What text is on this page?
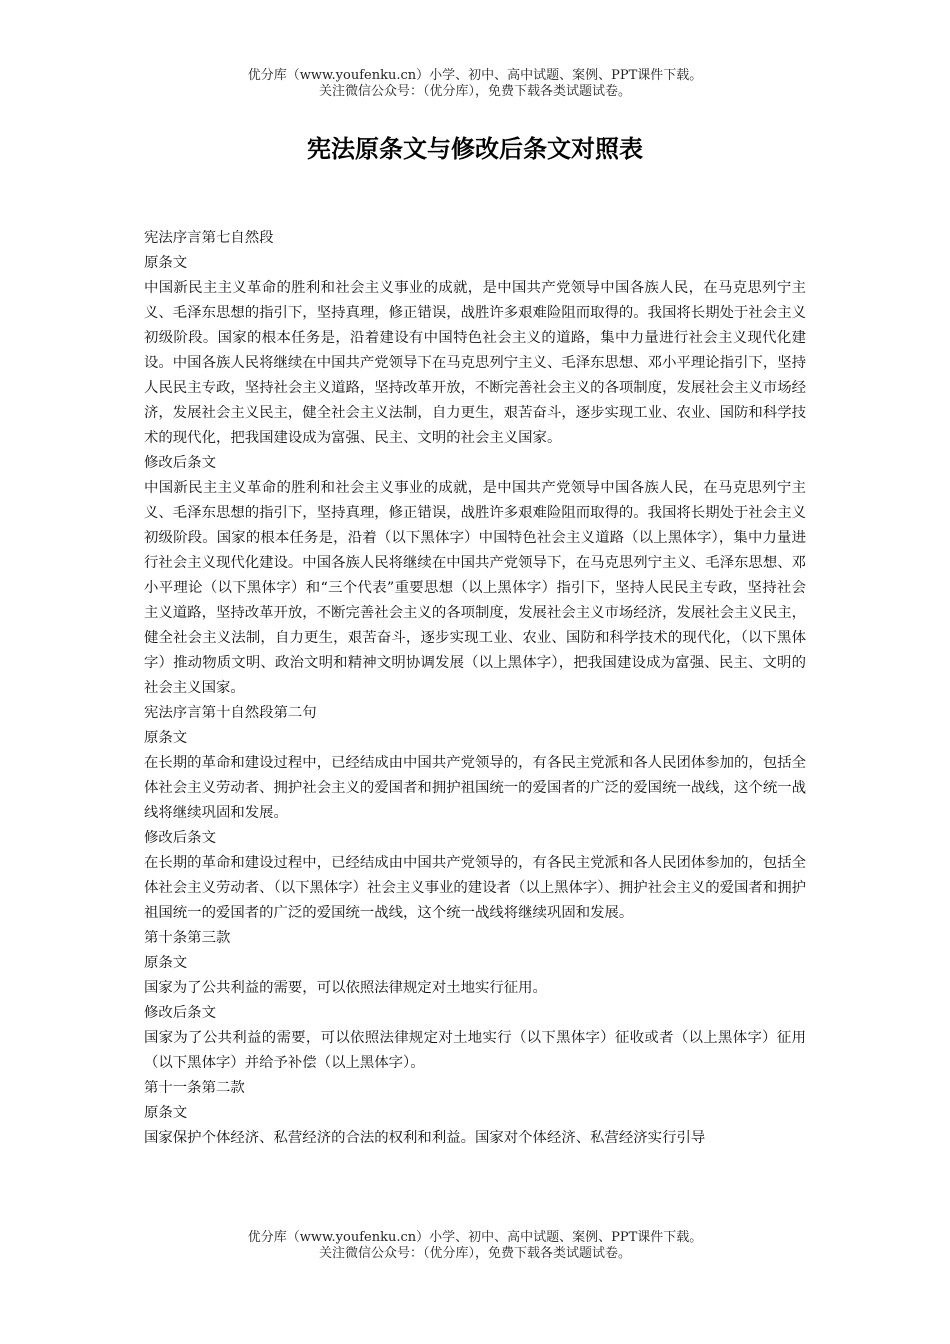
优分库（www.youfenku.cn）小学、初中、高中试题、案例、PPT课件下载。
关注微信公众号：（优分库），免费下载各类试题试卷。
宪法原条文与修改后条文对照表

宪法序言第七自然段

原条文

中国新民主主义革命的胜利和社会主义事业的成就，是中国共产党领导中国各族人民，在马克思列宁主义、毛泽东思想的指引下，坚持真理，修正错误，战胜许多艰难险阻而取得的。我国将长期处于社会主义初级阶段。国家的根本任务是，沿着建设有中国特色社会主义的道路，集中力量进行社会主义现代化建设。中国各族人民将继续在中国共产党领导下在马克思列宁主义、毛泽东思想、邓小平理论指引下，坚持人民民主专政，坚持社会主义道路，坚持改革开放，不断完善社会主义的各项制度，发展社会主义市场经济，发展社会主义民主，健全社会主义法制，自力更生，艰苦奋斗，逐步实现工业、农业、国防和科学技术的现代化，把我国建设成为富强、民主、文明的社会主义国家。

修改后条文

中国新民主主义革命的胜利和社会主义事业的成就，是中国共产党领导中国各族人民，在马克思列宁主义、毛泽东思想的指引下，坚持真理，修正错误，战胜许多艰难险阻而取得的。我国将长期处于社会主义初级阶段。国家的根本任务是，沿着（以下黑体字）中国特色社会主义道路（以上黑体字），集中力量进行社会主义现代化建设。中国各族人民将继续在中国共产党领导下，在马克思列宁主义、毛泽东思想、邓小平理论（以下黑体字）和“三个代表”重要思想（以上黑体字）指引下，坚持人民民主专政，坚持社会主义道路，坚持改革开放，不断完善社会主义的各项制度，发展社会主义市场经济，发展社会主义民主，健全社会主义法制，自力更生，艰苦奋斗，逐步实现工业、农业、国防和科学技术的现代化，（以下黑体字）推动物质文明、政治文明和精神文明协调发展（以上黑体字），把我国建设成为富强、民主、文明的社会主义国家。

宪法序言第十自然段第二句

原条文

在长期的革命和建设过程中，已经结成由中国共产党领导的，有各民主党派和各人民团体参加的，包括全体社会主义劳动者、拥护社会主义的爱国者和拥护祖国统一的爱国者的广泛的爱国统一战线，这个统一战线将继续巩固和发展。

修改后条文

在长期的革命和建设过程中，已经结成由中国共产党领导的，有各民主党派和各人民团体参加的，包括全体社会主义劳动者、（以下黑体字）社会主义事业的建设者（以上黑体字）、拥护社会主义的爱国者和拥护祖国统一的爱国者的广泛的爱国统一战线，这个统一战线将继续巩固和发展。

第十条第三款

原条文

国家为了公共利益的需要，可以依照法律规定对土地实行征用。

修改后条文

国家为了公共利益的需要，可以依照法律规定对土地实行（以下黑体字）征收或者（以上黑体字）征用（以下黑体字）并给予补偿（以上黑体字）。

第十一条第二款

原条文

国家保护个体经济、私营经济的合法的权利和利益。国家对个体经济、私营经济实行引导

优分库（www.youfenku.cn）小学、初中、高中试题、案例、PPT课件下载。
关注微信公众号：（优分库），免费下载各类试题试卷。
